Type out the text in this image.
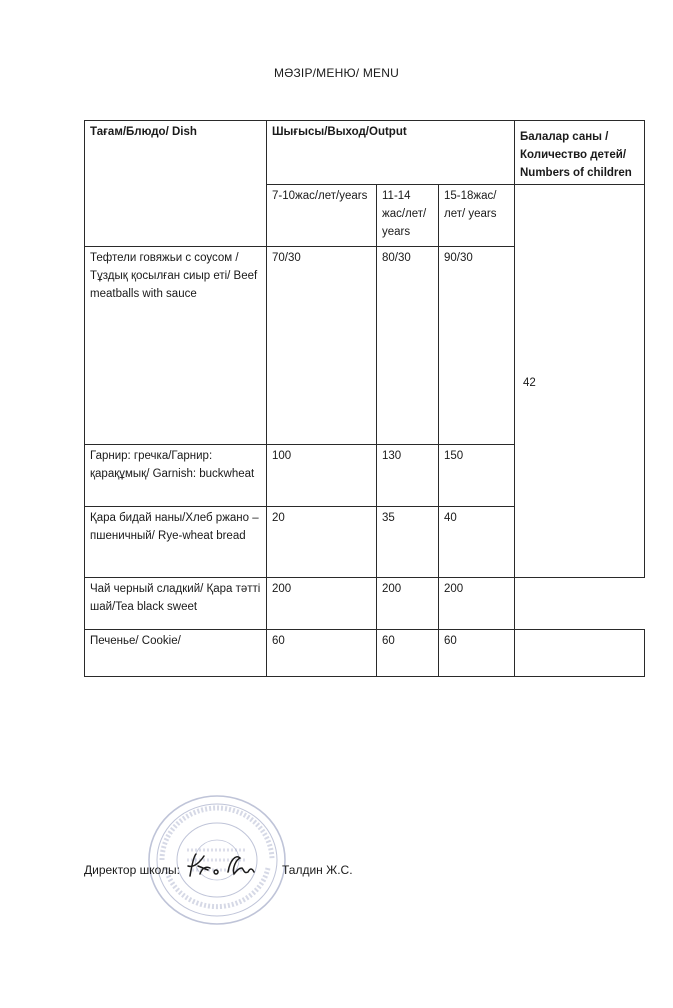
МӘЗІР/МЕНЮ/ MENU
Тағам/Блюдо/ Dish	Шығысы/Выход/Output			Балалар саны /Количество детей/ Numbers of children
	7-10жас/лет/years	11-14 жас/лет/ years	15-18жас/лет/ years	42
Тефтели говяжьи с соусом / Тұздық қосылған сиыр еті/ Beef meatballs with sauce	70/30	80/30	90/30	
Гарнир: гречка/Гарнир: қарақұмық/ Garnish: buckwheat	100	130	150	
Қара бидай наны/Хлеб ржано – пшеничный/ Rye-wheat bread	20	35	40	
Чай черный сладкий/ Қара тәтті шай/Tea black sweet	200	200	200	
Печенье/ Cookie/	60	60	60	
Директор школы:	Талдин Ж.С.
